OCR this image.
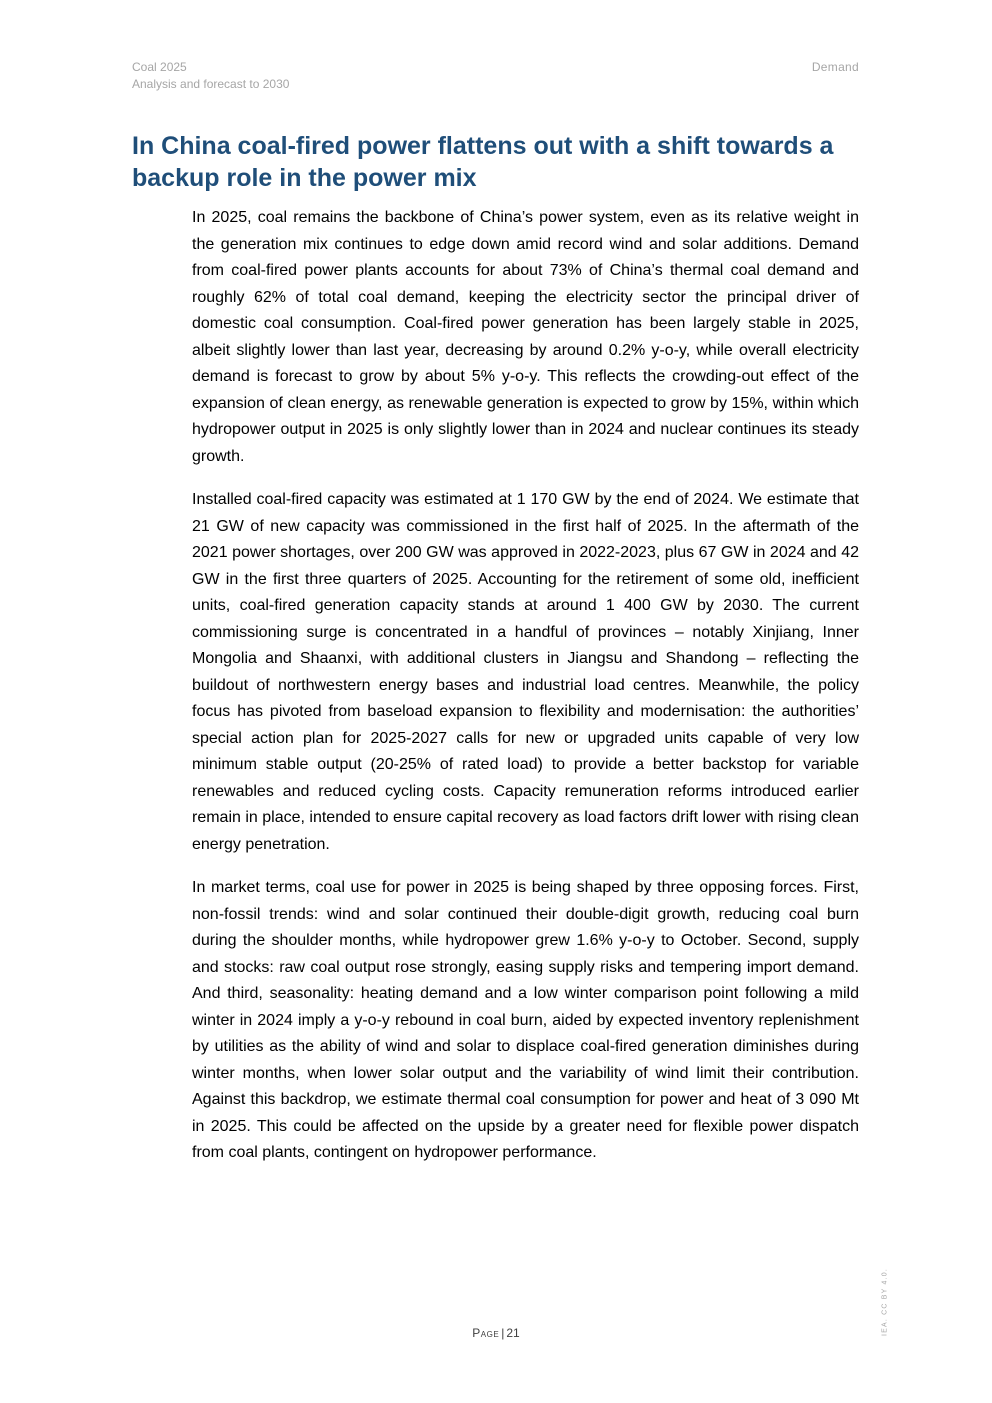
Coal 2025
Analysis and forecast to 2030
Demand
In China coal-fired power flattens out with a shift towards a backup role in the power mix

In 2025, coal remains the backbone of China’s power system, even as its relative weight in the generation mix continues to edge down amid record wind and solar additions. Demand from coal-fired power plants accounts for about 73% of China’s thermal coal demand and roughly 62% of total coal demand, keeping the electricity sector the principal driver of domestic coal consumption. Coal-fired power generation has been largely stable in 2025, albeit slightly lower than last year, decreasing by around 0.2% y-o-y, while overall electricity demand is forecast to grow by about 5% y-o-y. This reflects the crowding-out effect of the expansion of clean energy, as renewable generation is expected to grow by 15%, within which hydropower output in 2025 is only slightly lower than in 2024 and nuclear continues its steady growth.

Installed coal-fired capacity was estimated at 1 170 GW by the end of 2024. We estimate that 21 GW of new capacity was commissioned in the first half of 2025. In the aftermath of the 2021 power shortages, over 200 GW was approved in 2022-2023, plus 67 GW in 2024 and 42 GW in the first three quarters of 2025. Accounting for the retirement of some old, inefficient units, coal-fired generation capacity stands at around 1 400 GW by 2030. The current commissioning surge is concentrated in a handful of provinces – notably Xinjiang, Inner Mongolia and Shaanxi, with additional clusters in Jiangsu and Shandong – reflecting the buildout of northwestern energy bases and industrial load centres. Meanwhile, the policy focus has pivoted from baseload expansion to flexibility and modernisation: the authorities’ special action plan for 2025-2027 calls for new or upgraded units capable of very low minimum stable output (20-25% of rated load) to provide a better backstop for variable renewables and reduced cycling costs. Capacity remuneration reforms introduced earlier remain in place, intended to ensure capital recovery as load factors drift lower with rising clean energy penetration.

In market terms, coal use for power in 2025 is being shaped by three opposing forces. First, non-fossil trends: wind and solar continued their double-digit growth, reducing coal burn during the shoulder months, while hydropower grew 1.6% y-o-y to October. Second, supply and stocks: raw coal output rose strongly, easing supply risks and tempering import demand. And third, seasonality: heating demand and a low winter comparison point following a mild winter in 2024 imply a y-o-y rebound in coal burn, aided by expected inventory replenishment by utilities as the ability of wind and solar to displace coal-fired generation diminishes during winter months, when lower solar output and the variability of wind limit their contribution. Against this backdrop, we estimate thermal coal consumption for power and heat of 3 090 Mt in 2025. This could be affected on the upside by a greater need for flexible power dispatch from coal plants, contingent on hydropower performance.

Page | 21	IEA. CC BY 4.0.
